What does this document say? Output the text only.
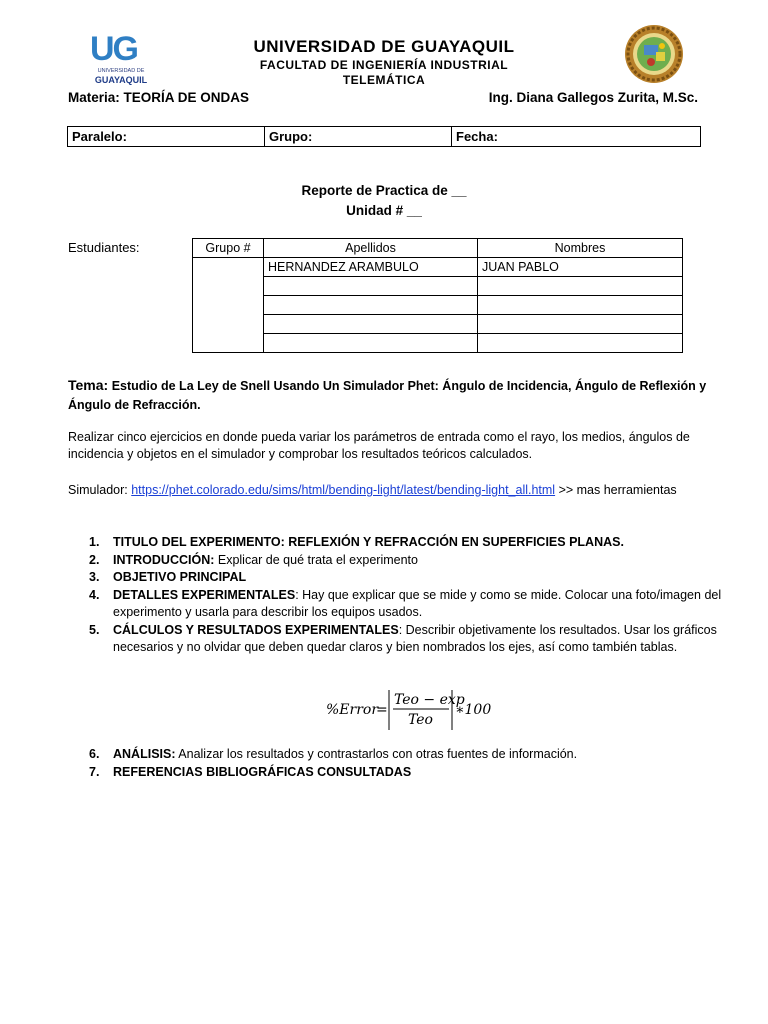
UG
UNIVERSIDAD DE
GUAYAQUIL
UNIVERSIDAD DE GUAYAQUIL
FACULTAD DE INGENIERÍA INDUSTRIAL
TELEMÁTICA
Materia: TEORÍA DE ONDAS	Ing. Diana Gallegos Zurita, M.Sc.
Paralelo:	Grupo:	Fecha:
Reporte de Practica de __
Unidad # __
Estudiantes:	Grupo #	Apellidos	Nombres
	HERNANDEZ ARAMBULO	JUAN PABLO

Tema: Estudio de La Ley de Snell Usando Un Simulador Phet: Ángulo de Incidencia, Ángulo de Reflexión y Ángulo de Refracción.
Realizar cinco ejercicios en donde pueda variar los parámetros de entrada como el rayo, los medios, ángulos de incidencia y objetos en el simulador y comprobar los resultados teóricos calculados.
Simulador: https://phet.colorado.edu/sims/html/bending-light/latest/bending-light_all.html >> mas herramientas
1. TITULO DEL EXPERIMENTO: REFLEXIÓN Y REFRACCIÓN EN SUPERFICIES PLANAS.
2. INTRODUCCIÓN: Explicar de qué trata el experimento
3. OBJETIVO PRINCIPAL
4. DETALLES EXPERIMENTALES: Hay que explicar que se mide y como se mide. Colocar una foto/imagen del experimento y usarla para describir los equipos usados.
5. CÁLCULOS Y RESULTADOS EXPERIMENTALES: Describir objetivamente los resultados. Usar los gráficos necesarios y no olvidar que deben quedar claros y bien nombrados los ejes, así como también tablas.
%Error
=
Teo − exp
Teo
∗100
6. ANÁLISIS: Analizar los resultados y contrastarlos con otras fuentes de información.
7. REFERENCIAS BIBLIOGRÁFICAS CONSULTADAS
